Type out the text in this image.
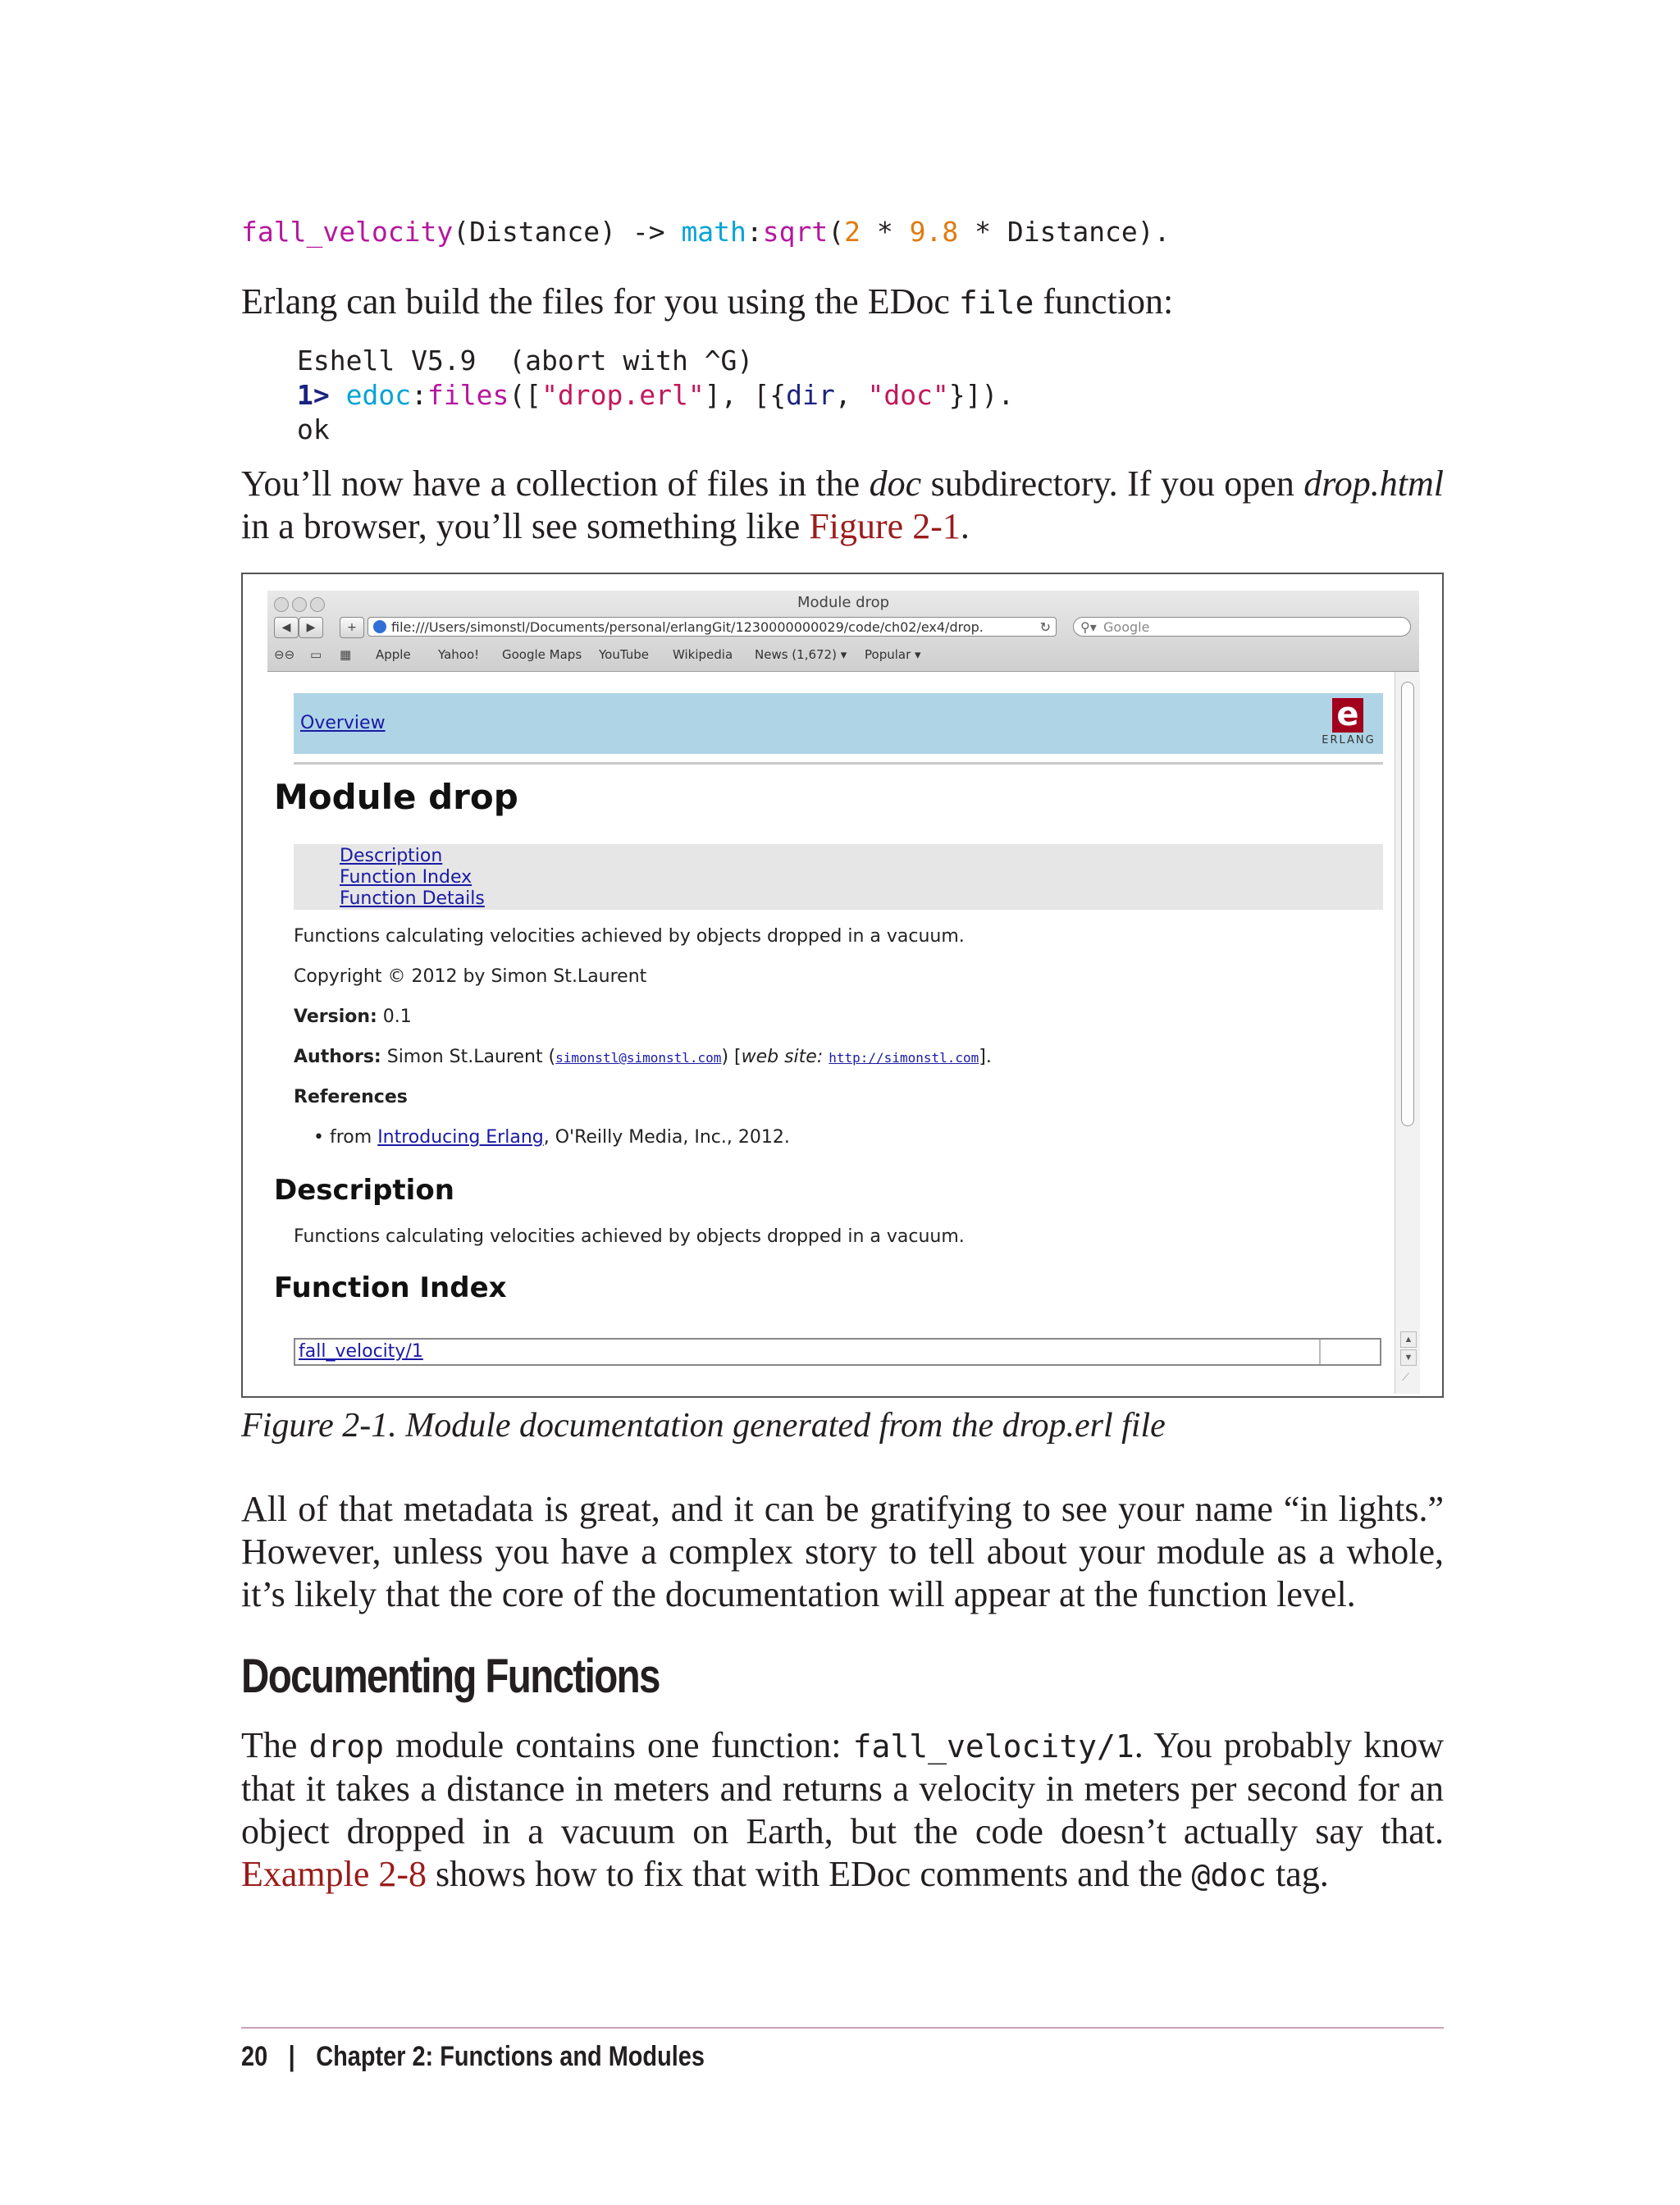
fall_velocity(Distance) -> math:sqrt(2 * 9.8 * Distance).
Erlang can build the files for you using the EDoc file function:
Eshell V5.9  (abort with ^G)
1> edoc:files(["drop.erl"], [{dir, "doc"}]).
ok
You’ll now have a collection of files in the doc subdirectory. If you open drop.html in a browser, you’ll see something like Figure 2-1.
Module drop
◀	▶	+	file:///Users/simonstl/Documents/personal/erlangGit/1230000000029/code/ch02/ex4/drop.	↻ ⚲▾ Google
⊖⊖ ▭ ▦ Apple Yahoo! Google Maps YouTube Wikipedia News (1,672) ▾ Popular ▾
Overview	e
ERLANG
Module drop
Description
Function Index
Function Details
Functions calculating velocities achieved by objects dropped in a vacuum.
Copyright © 2012 by Simon St.Laurent
Version: 0.1
Authors: Simon St.Laurent (simonstl@simonstl.com) [web site: http://simonstl.com].
References
• from Introducing Erlang, O'Reilly Media, Inc., 2012.
Description
Functions calculating velocities achieved by objects dropped in a vacuum.
Function Index
fall_velocity/1
▲
▼
⟋
Figure 2-1. Module documentation generated from the drop.erl file
All of that metadata is great, and it can be gratifying to see your name “in lights.” However, unless you have a complex story to tell about your module as a whole, it’s likely that the core of the documentation will appear at the function level.
Documenting Functions
The drop module contains one function: fall_velocity/1. You probably know that it takes a distance in meters and returns a velocity in meters per second for an object dropped in a vacuum on Earth, but the code doesn’t actually say that. Example 2-8 shows how to fix that with EDoc comments and the @doc tag.
20 | Chapter 2: Functions and Modules
